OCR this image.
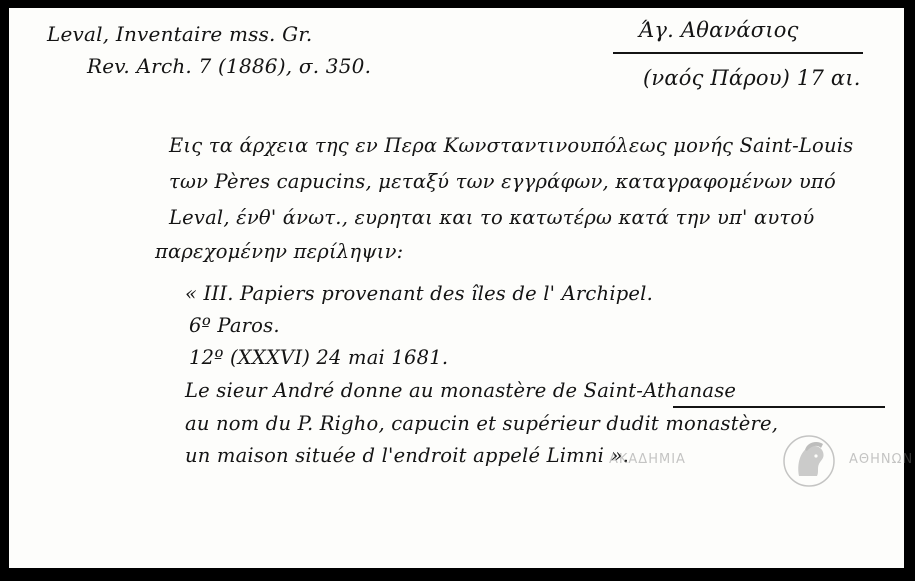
Leval, Inventaire mss. Gr.
Rev. Arch. 7 (1886), σ. 350.
Άγ. Αθανάσιος
(ναός Πάρου) 17 αι.
Εις τα άρχεια της εν Περα Κωνσταντινουπόλεως μονής Saint-Louis
των Pères capucins, μεταξύ των εγγράφων, καταγραφομένων υπό
Leval, ένθ' άνωτ., ευρηται και το κατωτέρω κατά την υπ' αυτού
παρεχομένην περίληψιν:
« III. Papiers provenant des îles de l' Archipel.
6º Paros.
12º (XXXVI) 24 mai 1681.
Le sieur André donne au monastère de Saint-Athanase
au nom du P. Righo, capucin et supérieur dudit monastère,
un maison située d l'endroit appelé Limni ».
ΑΚΑΔΗΜΙΑ	ΑΘΗΝΩΝ
